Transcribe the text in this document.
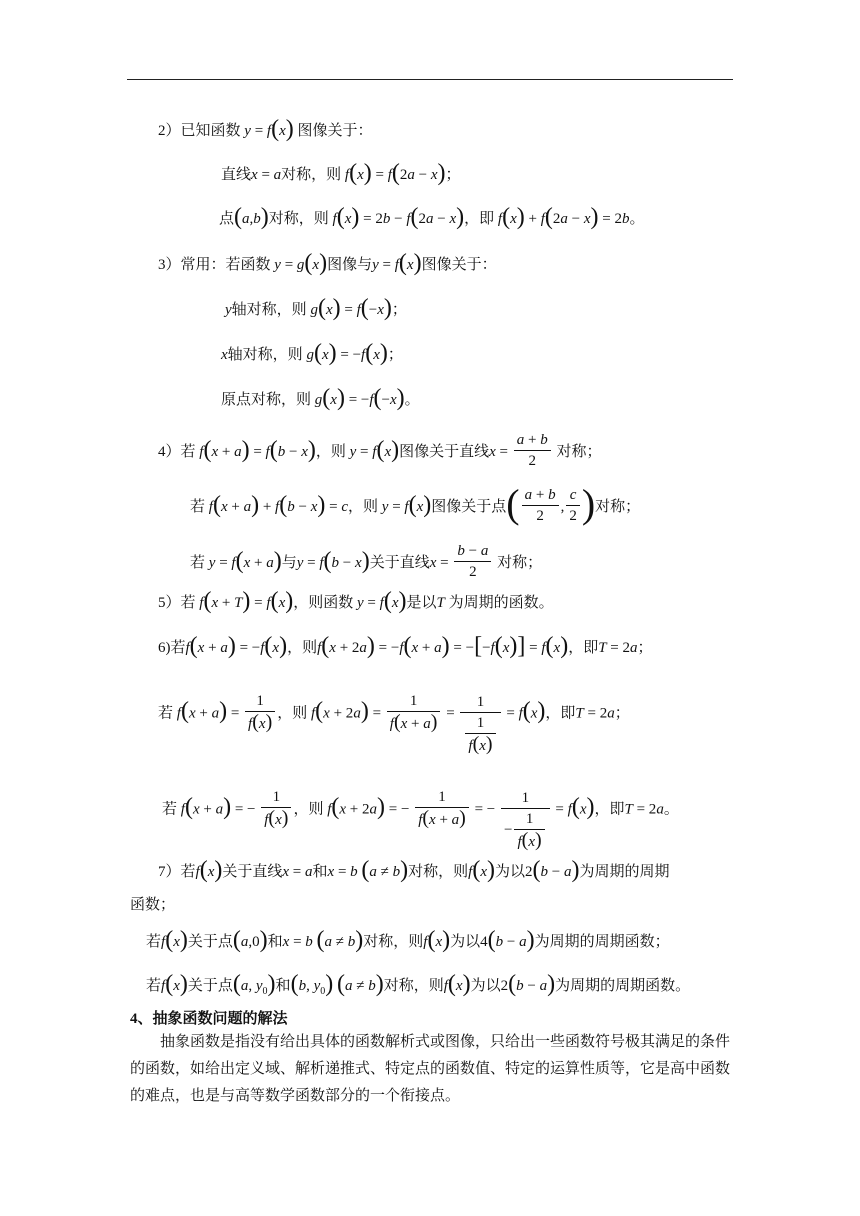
2）已知函数 y = f(x) 图像关于：
直线x = a对称，则 f(x) = f(2a − x)；
点(a,b)对称，则 f(x) = 2b − f(2a − x)，即 f(x) + f(2a − x) = 2b。
3）常用：若函数 y = g(x)图像与y = f(x)图像关于：
y轴对称，则 g(x) = f(−x)；
x轴对称，则 g(x) = −f(x)；
原点对称，则 g(x) = −f(−x)。
4）若 f(x + a) = f(b − x)，则 y = f(x)图像关于直线$x = \frac{a + b}{2}$ 对称；
若 f(x + a) + f(b − x) = c，则 y = f(x)图像关于点( $\frac{a + b}{2}$ , $\frac{c}{2}$ )对称；
若 y = f(x + a)与y = f(b − x)关于直线$x = \frac{b - a}{2}$ 对称；
5）若 f(x + T) = f(x)，则函数 y = f(x)是以T 为周期的函数。
6)若f(x + a) = −f(x)，则f(x + 2a) = −f(x + a) = −[−f(x)] = f(x)，即T = 2a；
若 $f(x + a) = \frac{1}{f(x)}$ ，则 $f(x + 2a) = \frac{1}{f(x + a)} = \frac{1}{\frac{1}{f(x)}} = f(x)$，即T = 2a；
若 f(x + a) = − $\frac{1}{f(x)}$ ，则 f(x + 2a) = − $\frac{1}{f(x + a)}$ = − $\frac{1}{- \frac{1}{f(x)}} = f(x)$，即T = 2a。
7）若f(x)关于直线x = a和x = b (a ≠ b)对称，则f(x)为以2(b − a)为周期的周期
函数；
若f(x)关于点(a,0)和x = b (a ≠ b)对称，则f(x)为以4(b − a)为周期的周期函数；
若f(x)关于点(a, $y_0$)和(b, $y_0$) (a ≠ b)对称，则f(x)为以2(b − a)为周期的周期函数。
4、抽象函数问题的解法
抽象函数是指没有给出具体的函数解析式或图像，只给出一些函数符号极其满足的条件的函数，如给出定义域、解析递推式、特定点的函数值、特定的运算性质等，它是高中函数的难点，也是与高等数学函数部分的一个衔接点。
